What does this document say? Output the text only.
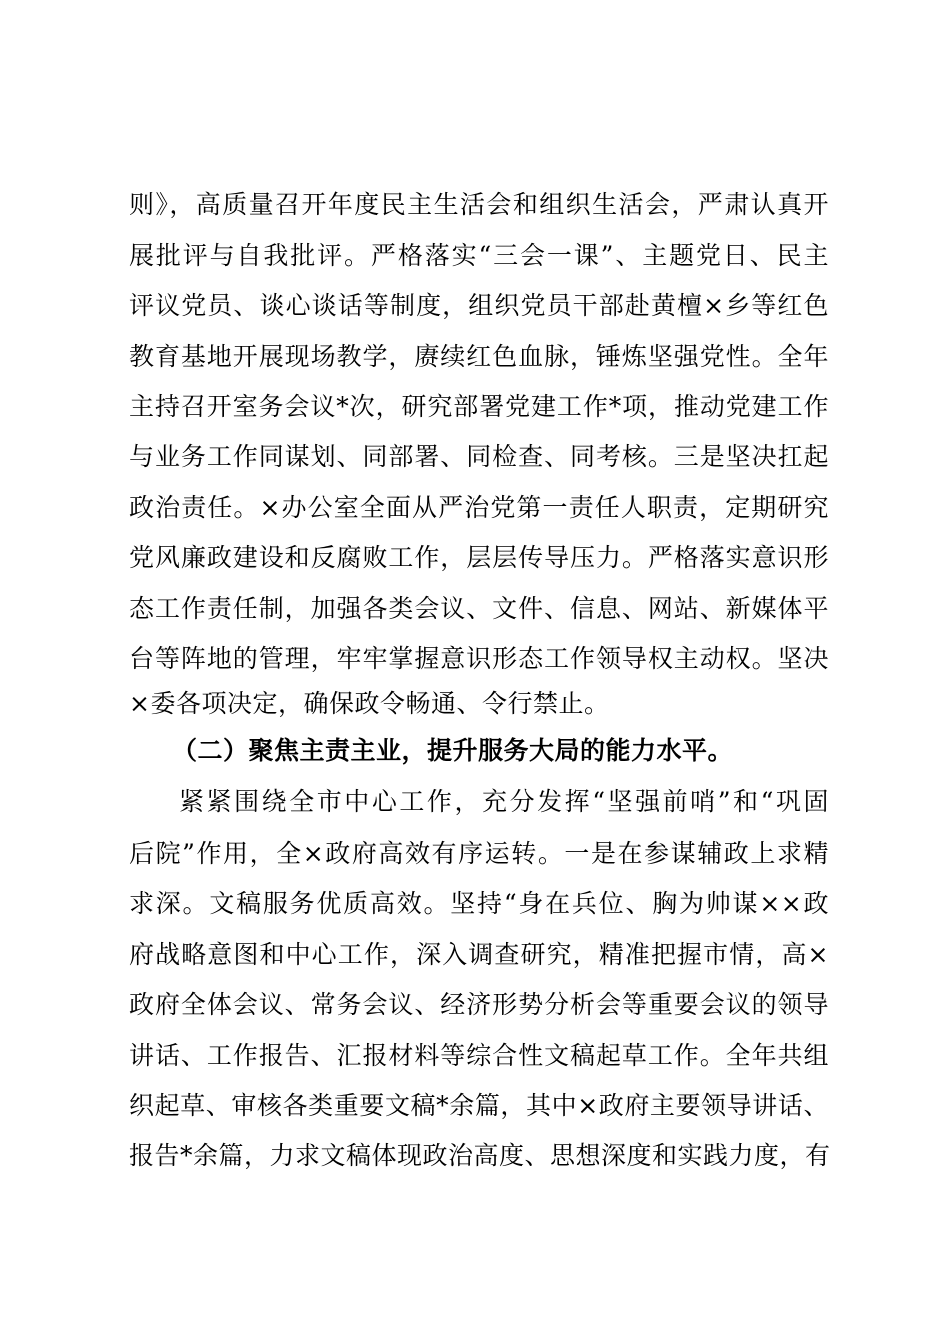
则》，高质量召开年度民主生活会和组织生活会，严肃认真开
展批评与自我批评。严格落实“三会一课”、主题党日、民主
评议党员、谈心谈话等制度，组织党员干部赴黄檀×乡等红色
教育基地开展现场教学，赓续红色血脉，锤炼坚强党性。全年
主持召开室务会议*次，研究部署党建工作*项，推动党建工作
与业务工作同谋划、同部署、同检查、同考核。三是坚决扛起
政治责任。×办公室全面从严治党第一责任人职责，定期研究
党风廉政建设和反腐败工作，层层传导压力。严格落实意识形
态工作责任制，加强各类会议、文件、信息、网站、新媒体平
台等阵地的管理，牢牢掌握意识形态工作领导权主动权。坚决
×委各项决定，确保政令畅通、令行禁止。
（二）聚焦主责主业，提升服务大局的能力水平。
紧紧围绕全市中心工作，充分发挥“坚强前哨”和“巩固
后院”作用，全×政府高效有序运转。一是在参谋辅政上求精
求深。文稿服务优质高效。坚持“身在兵位、胸为帅谋××政
府战略意图和中心工作，深入调查研究，精准把握市情，高×
政府全体会议、常务会议、经济形势分析会等重要会议的领导
讲话、工作报告、汇报材料等综合性文稿起草工作。全年共组
织起草、审核各类重要文稿*余篇，其中×政府主要领导讲话、
报告*余篇，力求文稿体现政治高度、思想深度和实践力度，有
